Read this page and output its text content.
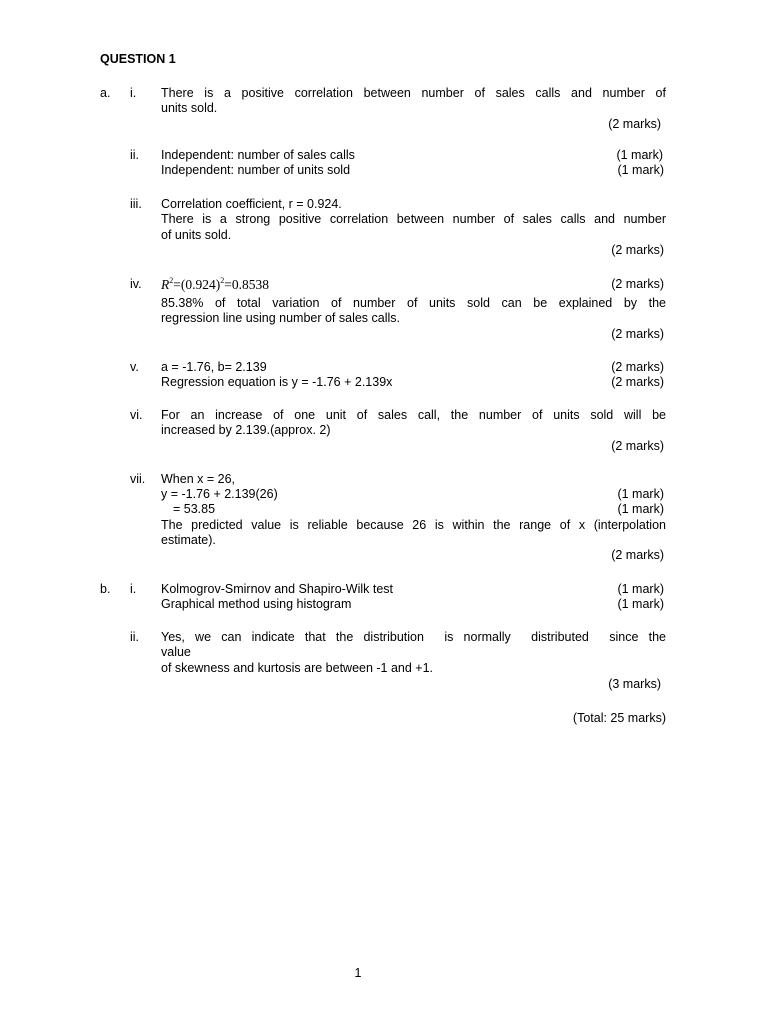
QUESTION 1
a. i. There is a positive correlation between number of sales calls and number of
units sold.
(2 marks)
ii. Independent: number of sales calls	(1 mark)
Independent: number of units sold	(1 mark)
iii. Correlation coefficient, r = 0.924.
There is a strong positive correlation between number of sales calls and number
of units sold.
(2 marks)
iv. $R^2=(0.924)^2=0.8538$	(2 marks)
85.38% of total variation of number of units sold can be explained by the
regression line using number of sales calls.
(2 marks)
v. a = -1.76, b= 2.139	(2 marks)
Regression equation is y = -1.76 + 2.139x	(2 marks)
vi. For an increase of one unit of sales call, the number of units sold will be
increased by 2.139.(approx. 2)
(2 marks)
vii. When x = 26,
y = -1.76 + 2.139(26)	(1 mark)
= 53.85	(1 mark)
The predicted value is reliable because 26 is within the range of x (interpolation
estimate).
(2 marks)
b. i. Kolmogrov-Smirnov and Shapiro-Wilk test	(1 mark)
Graphical method using histogram	(1 mark)
ii. Yes, we can indicate that the distribution  is normally  distributed  since the
value
of skewness and kurtosis are between -1 and +1.
(3 marks)
(Total: 25 marks)
1
